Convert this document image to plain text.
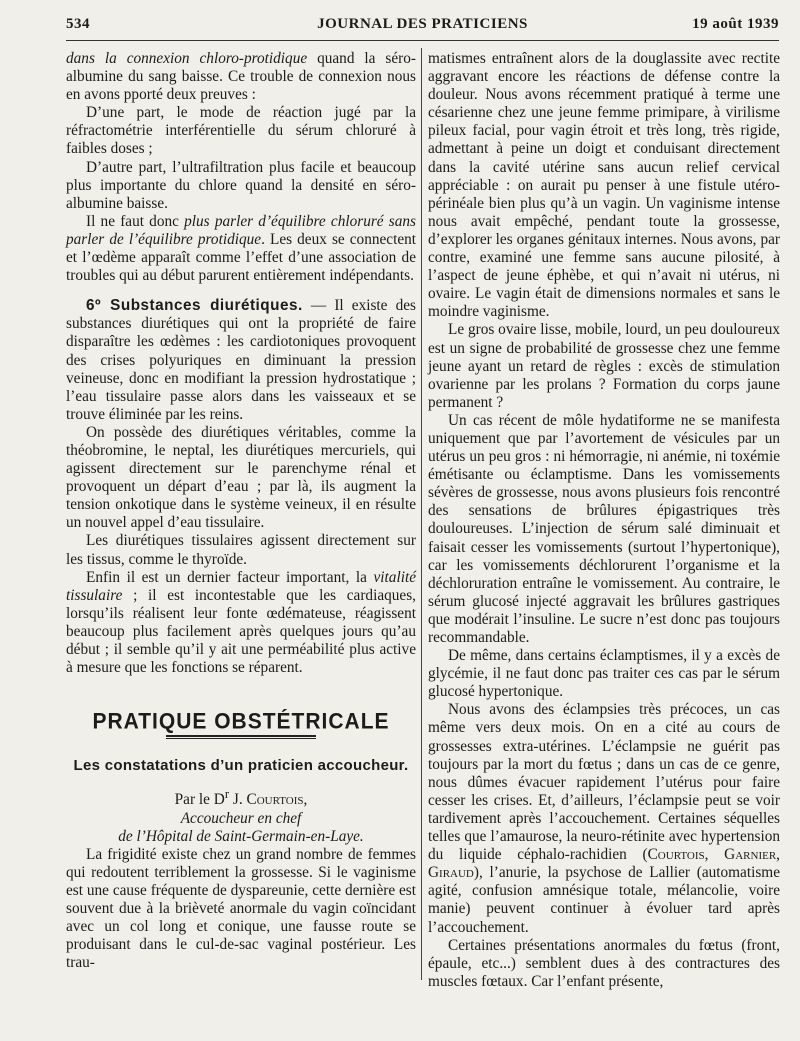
534	JOURNAL DES PRATICIENS	19 août 1939

dans la connexion chloro-protidique quand la séro-albumine du sang baisse. Ce trouble de connexion nous en avons pporté deux preuves :

D’une part, le mode de réaction jugé par la réfractométrie interférentielle du sérum chloruré à faibles doses ;

D’autre part, l’ultrafiltration plus facile et beaucoup plus importante du chlore quand la densité en séro-albumine baisse.

Il ne faut donc plus parler d’équilibre chloruré sans parler de l’équilibre protidique. Les deux se connectent et l’œdème apparaît comme l’effet d’une association de troubles qui au début parurent entièrement indépendants.

6º Substances diurétiques. — Il existe des substances diurétiques qui ont la propriété de faire disparaître les œdèmes : les cardiotoniques provoquent des crises polyuriques en diminuant la pression veineuse, donc en modifiant la pression hydrostatique ; l’eau tissulaire passe alors dans les vaisseaux et se trouve éliminée par les reins.

On possède des diurétiques véritables, comme la théobromine, le neptal, les diurétiques mercuriels, qui agissent directement sur le parenchyme rénal et provoquent un départ d’eau ; par là, ils augment la tension onkotique dans le système veineux, il en résulte un nouvel appel d’eau tissulaire.

Les diurétiques tissulaires agissent directement sur les tissus, comme le thyroïde.

Enfin il est un dernier facteur important, la vitalité tissulaire ; il est incontestable que les cardiaques, lorsqu’ils réalisent leur fonte œdémateuse, réagissent beaucoup plus facilement après quelques jours qu’au début ; il semble qu’il y ait une perméabilité plus active à mesure que les fonctions se réparent.

PRATIQUE OBSTÉTRICALE
Les constatations d’un praticien accoucheur.
Par le $D^r$ J. Courtois,
Accoucheur en chef
de l’Hôpital de Saint-Germain-en-Laye.

La frigidité existe chez un grand nombre de femmes qui redoutent terriblement la grossesse. Si le vaginisme est une cause fréquente de dyspareunie, cette dernière est souvent due à la brièveté anormale du vagin coïncidant avec un col long et conique, une fausse route se produisant dans le cul-de-sac vaginal postérieur. Les trau-

matismes entraînent alors de la douglassite avec rectite aggravant encore les réactions de défense contre la douleur. Nous avons récemment pratiqué à terme une césarienne chez une jeune femme primipare, à virilisme pileux facial, pour vagin étroit et très long, très rigide, admettant à peine un doigt et conduisant directement dans la cavité utérine sans aucun relief cervical appréciable : on aurait pu penser à une fistule utéro-périnéale bien plus qu’à un vagin. Un vaginisme intense nous avait empêché, pendant toute la grossesse, d’explorer les organes génitaux internes. Nous avons, par contre, examiné une femme sans aucune pilosité, à l’aspect de jeune éphèbe, et qui n’avait ni utérus, ni ovaire. Le vagin était de dimensions normales et sans le moindre vaginisme.

Le gros ovaire lisse, mobile, lourd, un peu douloureux est un signe de probabilité de grossesse chez une femme jeune ayant un retard de règles : excès de stimulation ovarienne par les prolans ? Formation du corps jaune permanent ?

Un cas récent de môle hydatiforme ne se manifesta uniquement que par l’avortement de vésicules par un utérus un peu gros : ni hémorragie, ni anémie, ni toxémie émétisante ou éclamptisme. Dans les vomissements sévères de grossesse, nous avons plusieurs fois rencontré des sensations de brûlures épigastriques très douloureuses. L’injection de sérum salé diminuait et faisait cesser les vomissements (surtout l’hypertonique), car les vomissements déchlorurent l’organisme et la déchloruration entraîne le vomissement. Au contraire, le sérum glucosé injecté aggravait les brûlures gastriques que modérait l’insuline. Le sucre n’est donc pas toujours recommandable.

De même, dans certains éclamptismes, il y a excès de glycémie, il ne faut donc pas traiter ces cas par le sérum glucosé hypertonique.

Nous avons des éclampsies très précoces, un cas même vers deux mois. On en a cité au cours de grossesses extra-utérines. L’éclampsie ne guérit pas toujours par la mort du fœtus ; dans un cas de ce genre, nous dûmes évacuer rapidement l’utérus pour faire cesser les crises. Et, d’ailleurs, l’éclampsie peut se voir tardivement après l’accouchement. Certaines séquelles telles que l’amaurose, la neuro-rétinite avec hypertension du liquide céphalo-rachidien (Courtois, Garnier, Giraud), l’anurie, la psychose de Lallier (automatisme agité, confusion amnésique totale, mélancolie, voire manie) peuvent continuer à évoluer tard après l’accouchement.

Certaines présentations anormales du fœtus (front, épaule, etc...) semblent dues à des contractures des muscles fœtaux. Car l’enfant présente,
